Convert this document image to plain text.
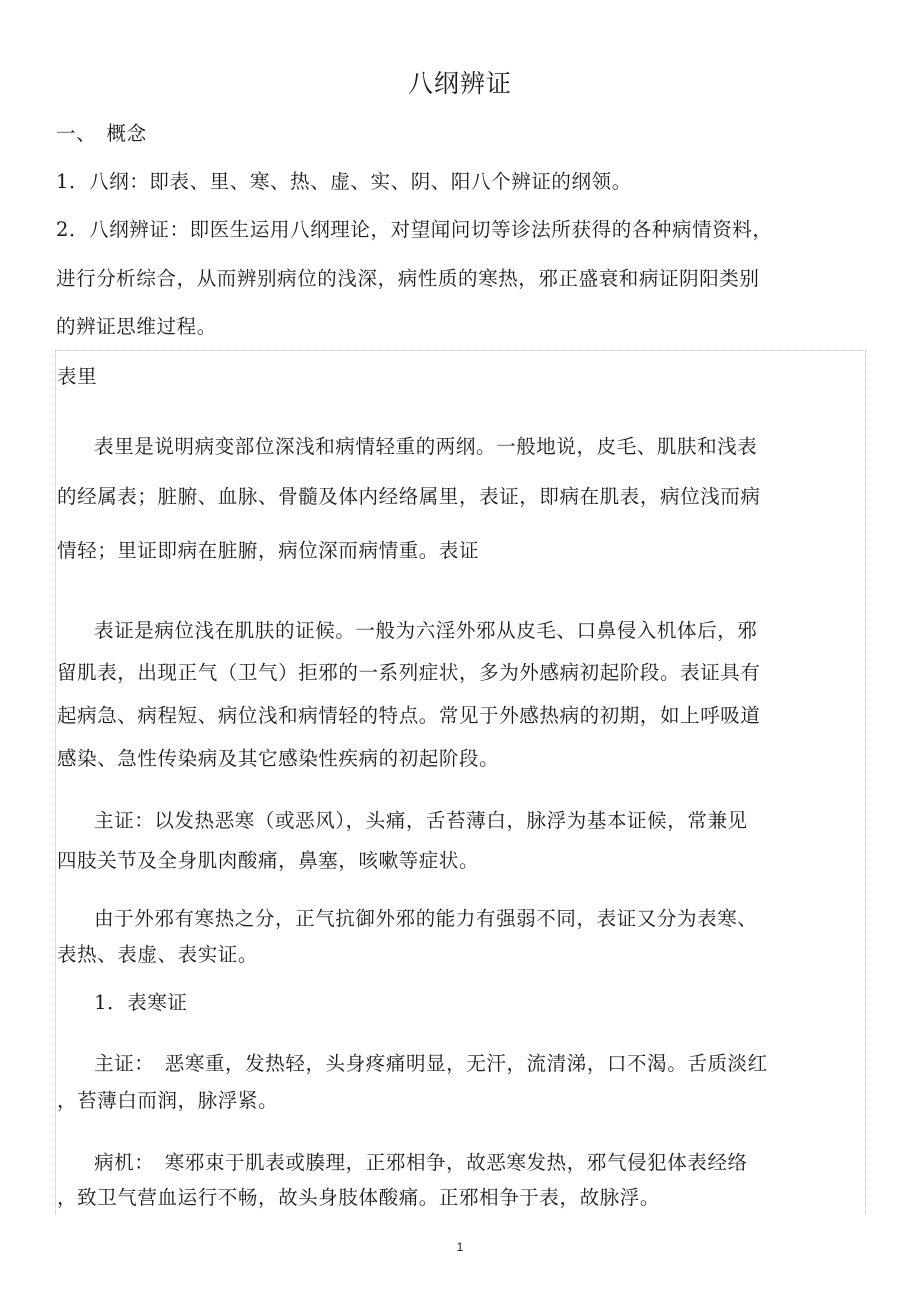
八纲辨证
一、　概念
1．八纲：即表、里、寒、热、虚、实、阴、阳八个辨证的纲领。
2．八纲辨证：即医生运用八纲理论，对望闻问切等诊法所获得的各种病情资料，
进行分析综合，从而辨别病位的浅深，病性质的寒热，邪正盛衰和病证阴阳类别
的辨证思维过程。
表里
　表里是说明病变部位深浅和病情轻重的两纲。一般地说，皮毛、肌肤和浅表
的经属表；脏腑、血脉、骨髓及体内经络属里，表证，即病在肌表，病位浅而病
情轻；里证即病在脏腑，病位深而病情重。表证
　表证是病位浅在肌肤的证候。一般为六淫外邪从皮毛、口鼻侵入机体后，邪
留肌表，出现正气（卫气）拒邪的一系列症状，多为外感病初起阶段。表证具有
起病急、病程短、病位浅和病情轻的特点。常见于外感热病的初期，如上呼吸道
感染、急性传染病及其它感染性疾病的初起阶段。
　主证：以发热恶寒（或恶风），头痛，舌苔薄白，脉浮为基本证候，常兼见
四肢关节及全身肌肉酸痛，鼻塞，咳嗽等症状。
　由于外邪有寒热之分，正气抗御外邪的能力有强弱不同，表证又分为表寒、
表热、表虚、表实证。
　1．表寒证
　主证：　恶寒重，发热轻，头身疼痛明显，无汗，流清涕，口不渴。舌质淡红
，苔薄白而润，脉浮紧。
　病机：　寒邪束于肌表或腠理，正邪相争，故恶寒发热，邪气侵犯体表经络
，致卫气营血运行不畅，故头身肢体酸痛。正邪相争于表，故脉浮。
1
